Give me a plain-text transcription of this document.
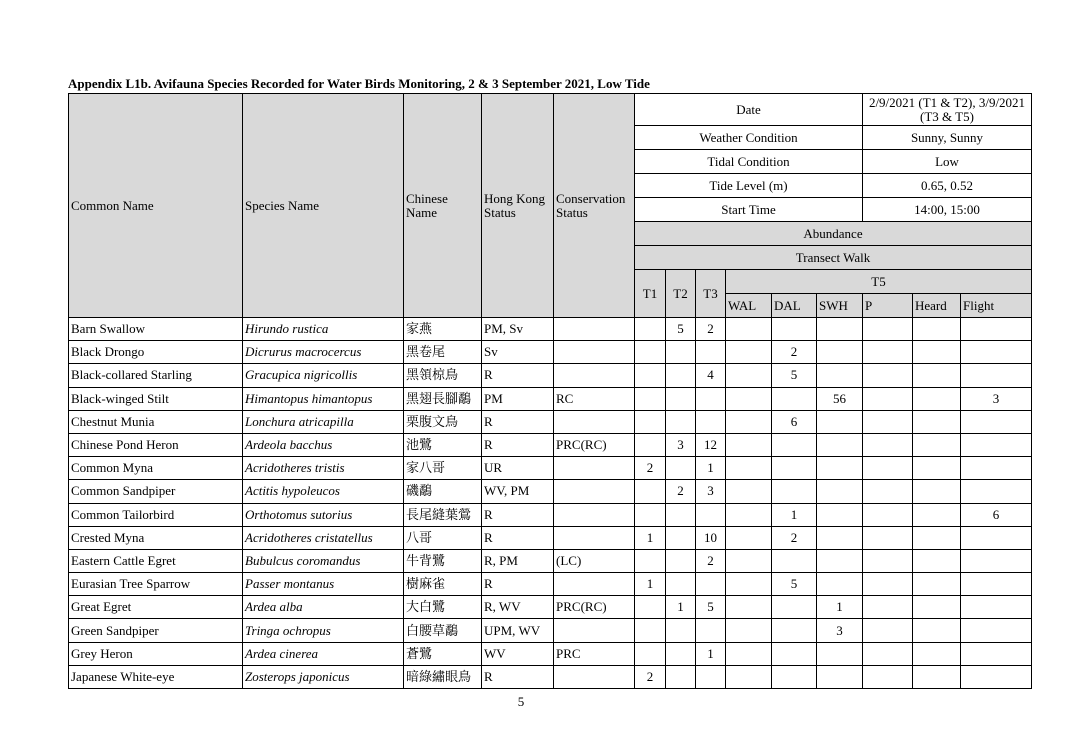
Appendix L1b. Avifauna Species Recorded for Water Birds Monitoring, 2 & 3 September 2021, Low Tide
Common Name	Species Name	Chinese Name	Hong Kong Status	Conservation Status	Date						2/9/2021 (T1 & T2), 3/9/2021 (T3 & T5)		
					Weather Condition						Sunny, Sunny		
					Tidal Condition						Low		
					Tide Level (m)						0.65, 0.52		
					Start Time						14:00, 15:00		
					Abundance								
					Transect Walk								
					T1	T2	T3	T5					
								WAL	DAL	SWH	P	Heard	Flight

Barn Swallow	Hirundo rustica	家燕	PM, Sv			5	2						
Black Drongo	Dicrurus macrocercus	黑卷尾	Sv						2				
Black-collared Starling	Gracupica nigricollis	黑領椋鳥	R				4		5				
Black-winged Stilt	Himantopus himantopus	黑翅長腳鷸	PM	RC						56			3
Chestnut Munia	Lonchura atricapilla	栗腹文鳥	R						6				
Chinese Pond Heron	Ardeola bacchus	池鷺	R	PRC(RC)		3	12						
Common Myna	Acridotheres tristis	家八哥	UR		2		1						
Common Sandpiper	Actitis hypoleucos	磯鷸	WV, PM			2	3						
Common Tailorbird	Orthotomus sutorius	長尾縫葉鶯	R						1				6
Crested Myna	Acridotheres cristatellus	八哥	R		1		10		2				
Eastern Cattle Egret	Bubulcus coromandus	牛背鷺	R, PM	(LC)			2						
Eurasian Tree Sparrow	Passer montanus	樹麻雀	R		1				5				
Great Egret	Ardea alba	大白鷺	R, WV	PRC(RC)		1	5			1			
Green Sandpiper	Tringa ochropus	白腰草鷸	UPM, WV							3			
Grey Heron	Ardea cinerea	蒼鷺	WV	PRC			1						
Japanese White-eye	Zosterops japonicus	暗綠繡眼鳥	R		2								
5
